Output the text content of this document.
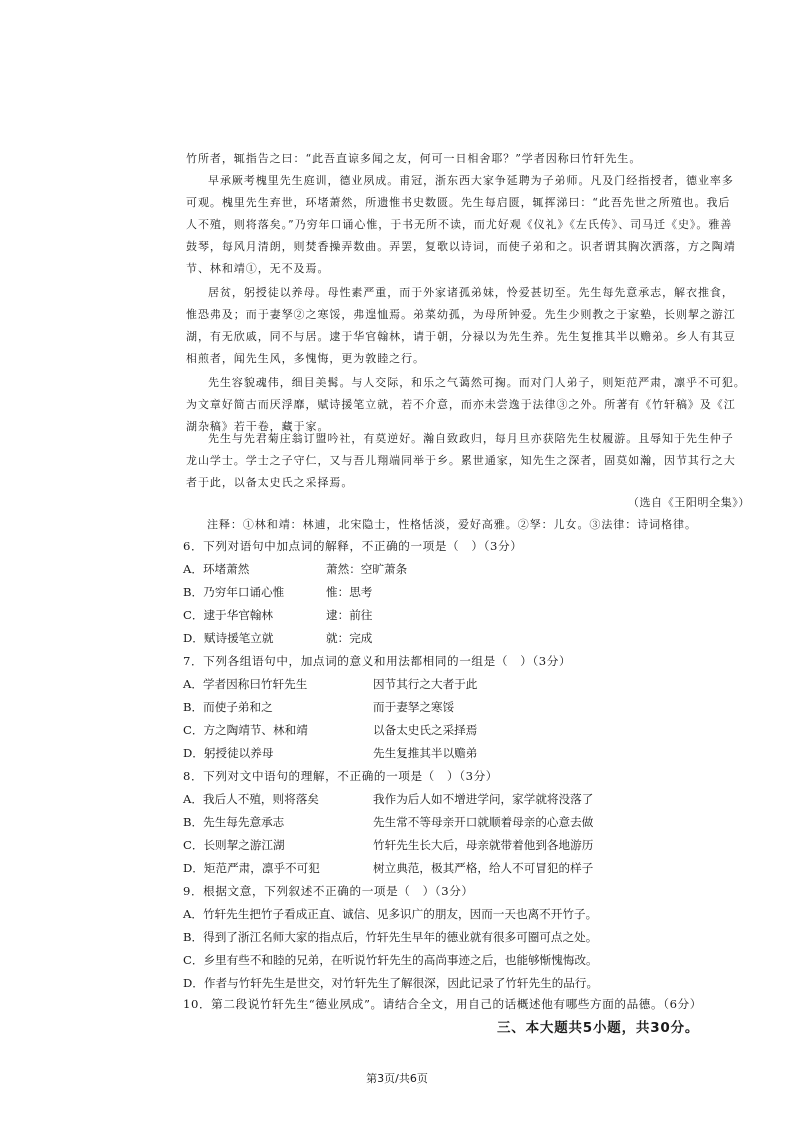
竹所者，辄指告之曰：“此吾直谅多闻之友，何可一日相舍耶？”学者因称曰竹轩先生。
早承厥考槐里先生庭训，德业夙成。甫冠，浙东西大家争延聘为子弟师。凡及门经指授者，德业率多
可观。槐里先生弃世，环堵萧然，所遗惟书史数匮。先生每启匮，辄挥涕曰：“此吾先世之所殖也。我后
人不殖，则将落矣。”乃穷年口诵心惟，于书无所不读，而尤好观《仪礼》《左氏传》、司马迁《史》。雅善
鼓琴，每风月清朗，则焚香操弄数曲。弄罢，复歌以诗词，而使子弟和之。识者谓其胸次洒落，方之陶靖
节、林和靖①，无不及焉。
居贫，躬授徒以养母。母性素严重，而于外家诸孤弟妹，怜爱甚切至。先生每先意承志，解衣推食，
惟恐弗及；而于妻孥②之寒馁，弗遑恤焉。弟菜幼孤，为母所钟爱。先生少则教之于家塾，长则挈之游江
湖，有无欣戚，同不与居。逮于华官翰林，请于朝，分禄以为先生养。先生复推其半以赡弟。乡人有其豆
相煎者，闻先生风，多愧悔，更为敦睦之行。
先生容貌魂伟，细目美髯。与人交际，和乐之气蔼然可掬。而对门人弟子，则矩范严肃，凛乎不可犯。
为文章好简古而厌浮靡，赋诗援笔立就，若不介意，而亦未尝逸于法律③之外。所著有《竹轩稿》及《江
湖杂稿》若干卷，藏于家。
先生与先君菊庄翁订盟吟社，有莫逆好。瀚自致政归，每月旦亦获陪先生杖履游。且辱知于先生仲子
龙山学士。学士之子守仁，又与吾儿翔端同举于乡。累世通家，知先生之深者，固莫如瀚，因节其行之大
者于此，以备太史氏之采择焉。
（选自《王阳明全集》）
注释：①林和靖：林逋，北宋隐士，性格恬淡，爱好高雅。②孥：儿女。③法律：诗词格律。
6．下列对语句中加点词的解释，不正确的一项是（　）（3分）
A．环堵萧然	萧然：空旷萧条
B．乃穷年口诵心惟	惟：思考
C．逮于华官翰林	逮：前往
D．赋诗援笔立就	就：完成
7．下列各组语句中，加点词的意义和用法都相同的一组是（　）（3分）
A．学者因称曰竹轩先生	因节其行之大者于此
B．而使子弟和之	而于妻孥之寒馁
C．方之陶靖节、林和靖	以备太史氏之采择焉
D．躬授徒以养母	先生复推其半以赡弟
8．下列对文中语句的理解，不正确的一项是（　）（3分）
A．我后人不殖，则将落矣	我作为后人如不增进学问，家学就将没落了
B．先生每先意承志	先生常不等母亲开口就顺着母亲的心意去做
C．长则挈之游江湖	竹轩先生长大后，母亲就带着他到各地游历
D．矩范严肃，凛乎不可犯	树立典范，极其严格，给人不可冒犯的样子
9．根据文意，下列叙述不正确的一项是（　）（3分）
A．竹轩先生把竹子看成正直、诚信、见多识广的朋友，因而一天也离不开竹子。
B．得到了浙江名师大家的指点后，竹轩先生早年的德业就有很多可圈可点之处。
C．乡里有些不和睦的兄弟，在听说竹轩先生的高尚事迹之后，也能够惭愧悔改。
D．作者与竹轩先生是世交，对竹轩先生了解很深，因此记录了竹轩先生的品行。
10．第二段说竹轩先生“德业夙成”。请结合全文，用自己的话概述他有哪些方面的品德。（6分）
三、本大题共5小题，共30分。
第3页/共6页
